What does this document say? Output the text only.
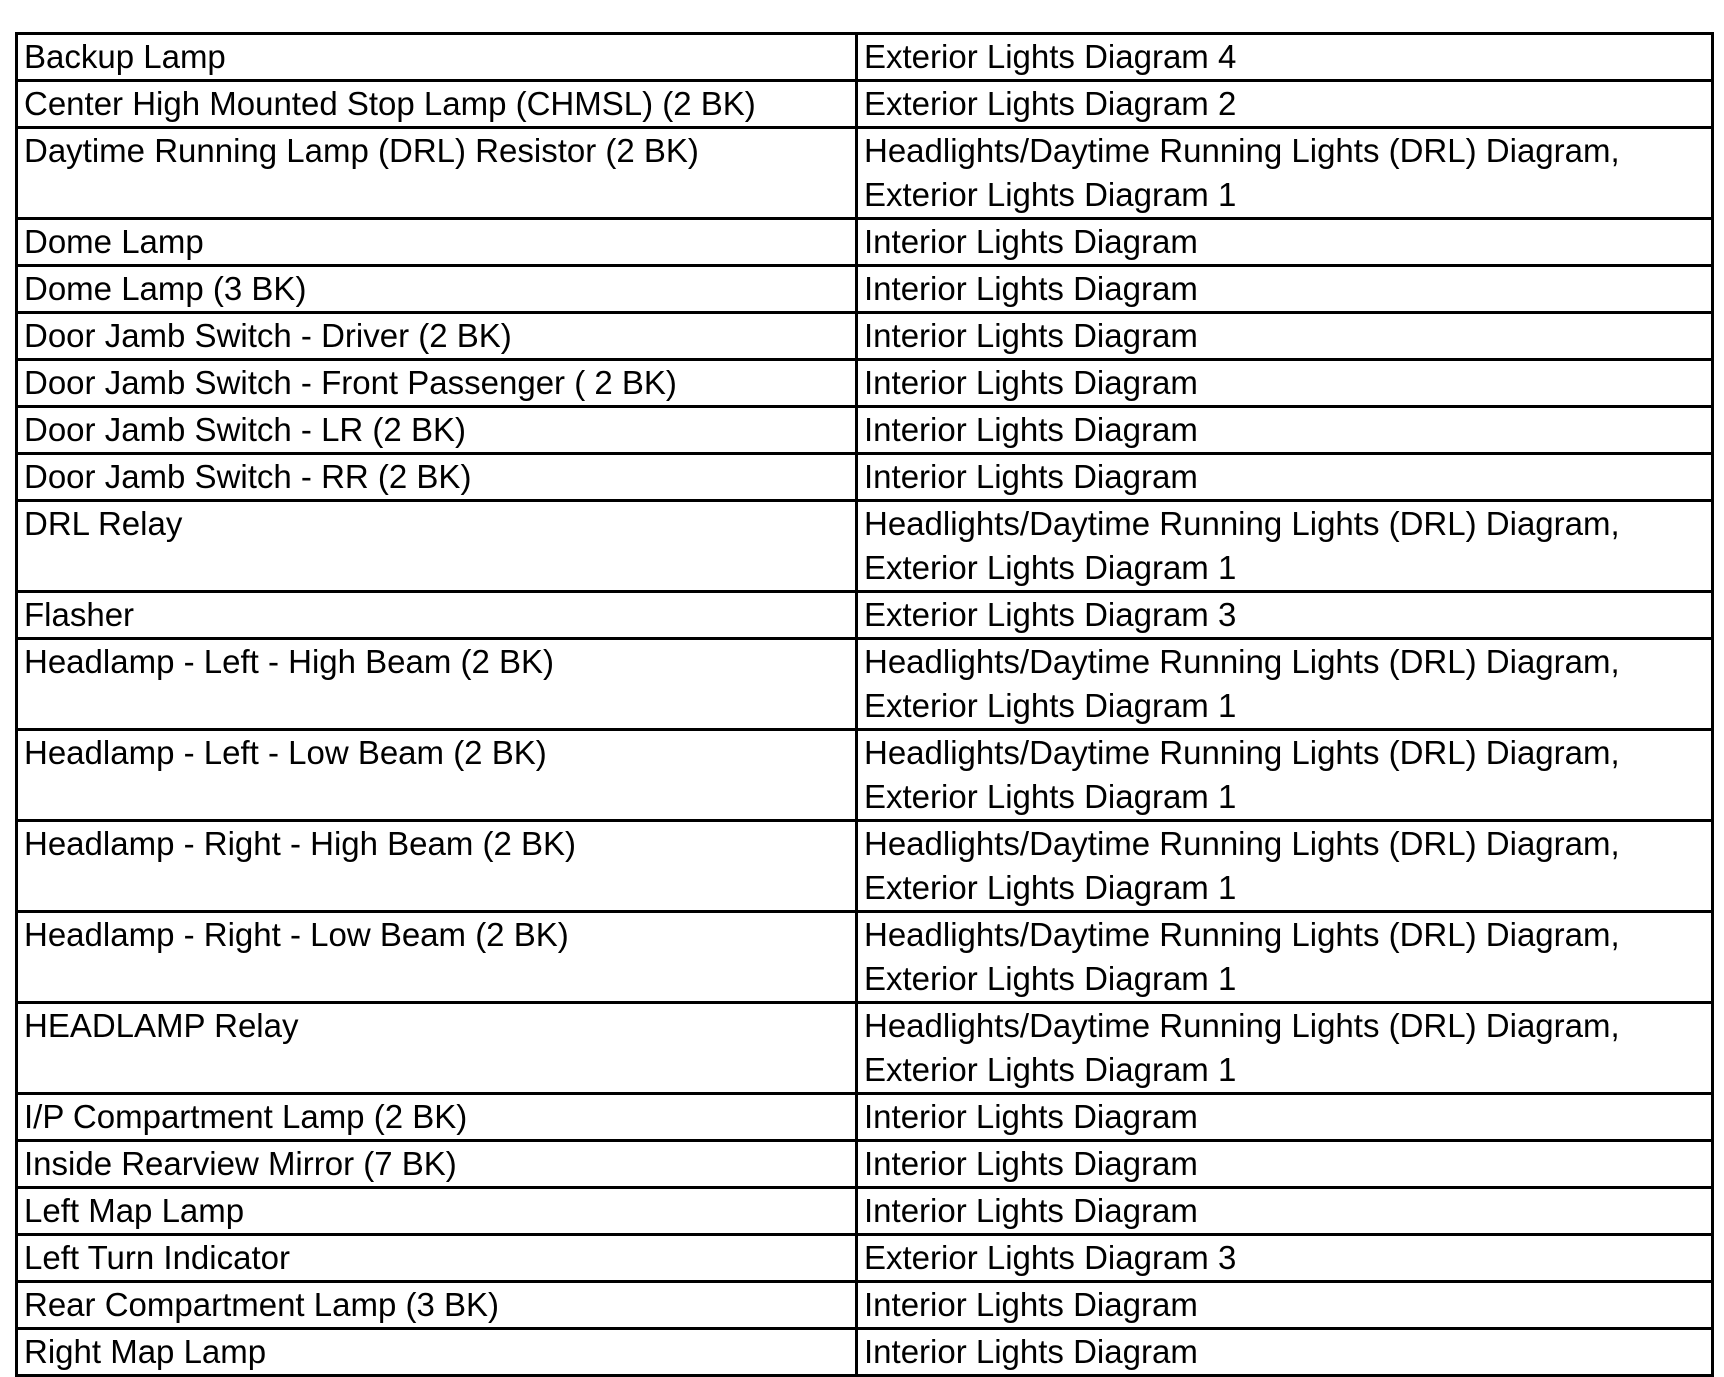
Backup Lamp	Exterior Lights Diagram 4

Center High Mounted Stop Lamp (CHMSL) (2 BK)	Exterior Lights Diagram 2

Daytime Running Lamp (DRL) Resistor (2 BK)	Headlights/Daytime Running Lights (DRL) Diagram,
Exterior Lights Diagram 1

Dome Lamp	Interior Lights Diagram

Dome Lamp (3 BK)	Interior Lights Diagram

Door Jamb Switch - Driver (2 BK)	Interior Lights Diagram

Door Jamb Switch - Front Passenger ( 2 BK)	Interior Lights Diagram

Door Jamb Switch - LR (2 BK)	Interior Lights Diagram

Door Jamb Switch - RR (2 BK)	Interior Lights Diagram

DRL Relay	Headlights/Daytime Running Lights (DRL) Diagram,
Exterior Lights Diagram 1

Flasher	Exterior Lights Diagram 3

Headlamp - Left - High Beam (2 BK)	Headlights/Daytime Running Lights (DRL) Diagram,
Exterior Lights Diagram 1

Headlamp - Left - Low Beam (2 BK)	Headlights/Daytime Running Lights (DRL) Diagram,
Exterior Lights Diagram 1

Headlamp - Right - High Beam (2 BK)	Headlights/Daytime Running Lights (DRL) Diagram,
Exterior Lights Diagram 1

Headlamp - Right - Low Beam (2 BK)	Headlights/Daytime Running Lights (DRL) Diagram,
Exterior Lights Diagram 1

HEADLAMP Relay	Headlights/Daytime Running Lights (DRL) Diagram,
Exterior Lights Diagram 1

I/P Compartment Lamp (2 BK)	Interior Lights Diagram

Inside Rearview Mirror (7 BK)	Interior Lights Diagram

Left Map Lamp	Interior Lights Diagram

Left Turn Indicator	Exterior Lights Diagram 3

Rear Compartment Lamp (3 BK)	Interior Lights Diagram

Right Map Lamp	Interior Lights Diagram
